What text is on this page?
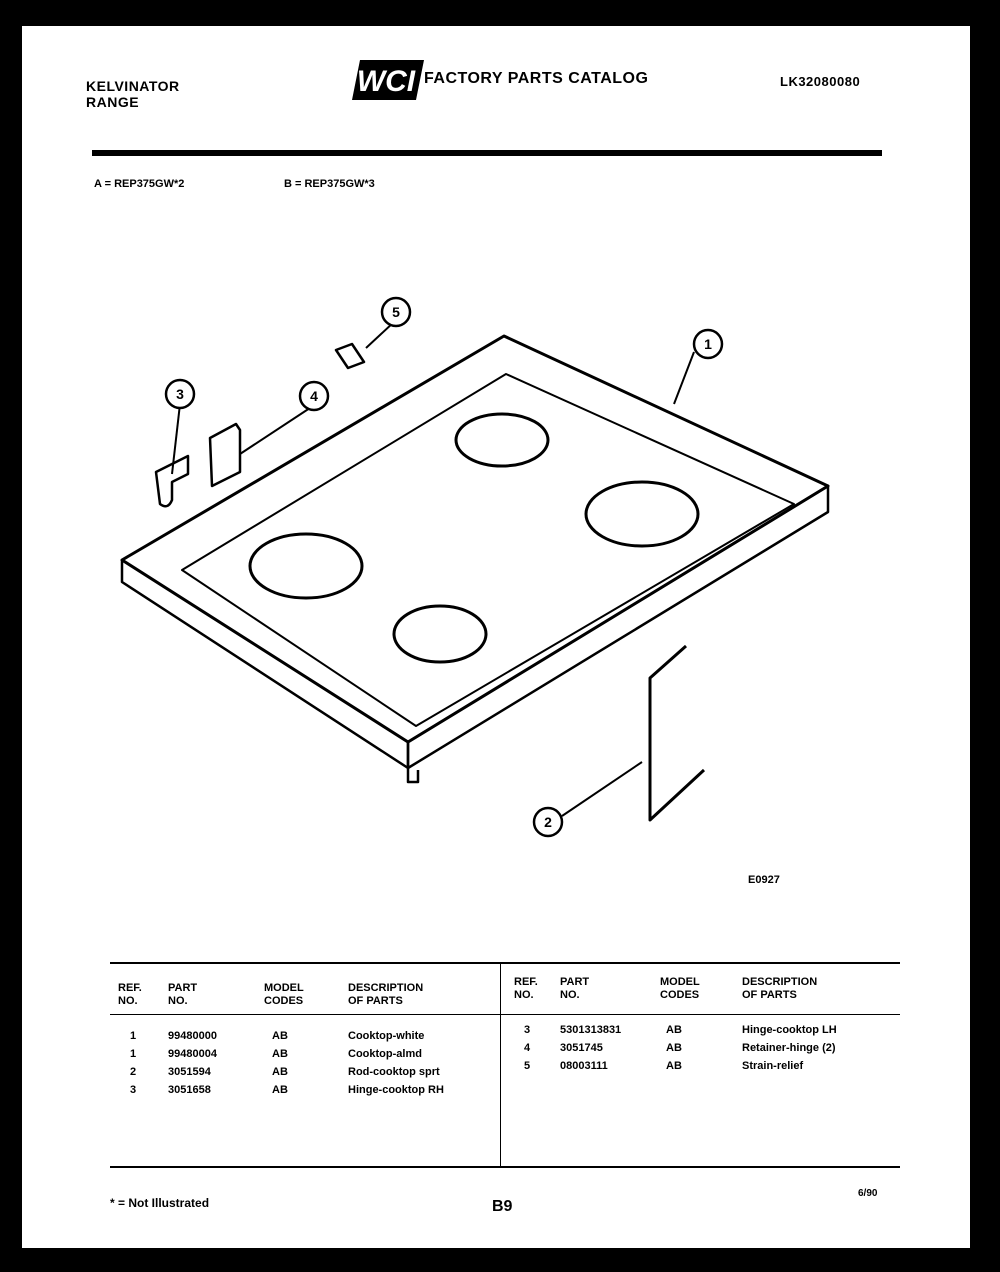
KELVINATOR
RANGE
WCI FACTORY PARTS CATALOG	LK32080080
A = REP375GW*2	B = REP375GW*3
1
2
3	4
5
E0927
REF.
NO.
PART
NO.
MODEL
CODES
DESCRIPTION
OF PARTS
REF.
NO.
PART
NO.
MODEL
CODES
DESCRIPTION
OF PARTS
1	99480000	AB	Cooktop-white
1	99480004	AB	Cooktop-almd
2	3051594	AB	Rod-cooktop sprt
3	3051658	AB	Hinge-cooktop RH
3	5301313831	AB	Hinge-cooktop LH
4	3051745	AB	Retainer-hinge (2)
5	08003111	AB	Strain-relief
* = Not Illustrated	B9
6/90
